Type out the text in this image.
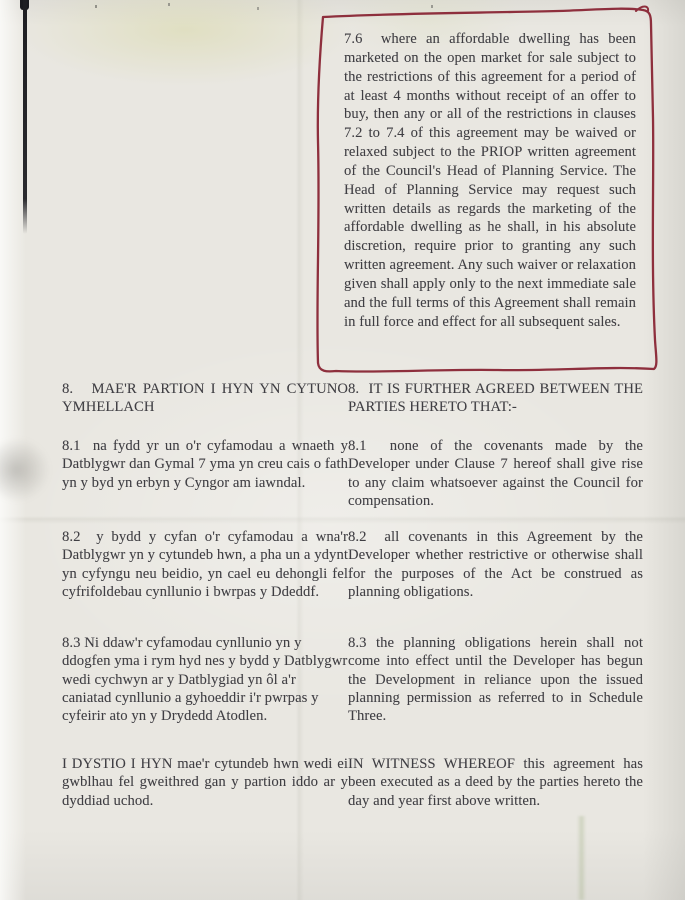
7.6  where an affordable dwelling has been marketed on the open market for sale subject to the restrictions of this agreement for a period of at least 4 months without receipt of an offer to buy, then any or all of the restrictions in clauses 7.2 to 7.4 of this agreement may be waived or relaxed subject to the PRIOP written agreement of the Council's Head of Planning Service. The Head of Planning Service may request such written details as regards the marketing of the affordable dwelling as he shall, in his absolute discretion, require prior to granting any such written agreement. Any such waiver or relaxation given shall apply only to the next immediate sale and the full terms of this Agreement shall remain in full force and effect for all subsequent sales.

8.   MAE'R PARTION I HYN YN CYTUNO YMHELLACH

8.  IT IS FURTHER AGREED BETWEEN THE PARTIES HERETO THAT:-

8.1  na fydd yr un o'r cyfamodau a wnaeth y Datblygwr dan Gymal 7 yma yn creu cais o fath yn y byd yn erbyn y Cyngor am iawndal.

8.1  none of the covenants made by the Developer under Clause 7 hereof shall give rise to any claim whatsoever against the Council for compensation.

8.2  y bydd y cyfan o'r cyfamodau a wna'r Datblygwr yn y cytundeb hwn, a pha un a ydynt yn cyfyngu neu beidio, yn cael eu dehongli fel cyfrifoldebau cynllunio i bwrpas y Ddeddf.

8.2  all covenants in this Agreement by the Developer whether restrictive or otherwise shall for the purposes of the Act be construed as planning obligations.

8.3 Ni ddaw'r cyfamodau cynllunio yn y ddogfen yma i rym hyd nes y bydd y Datblygwr wedi cychwyn ar y Datblygiad yn ôl a'r caniatad cynllunio a gyhoeddir i'r pwrpas y cyfeirir ato yn y Drydedd Atodlen.

8.3 the planning obligations herein shall not come into effect until the Developer has begun the Development in reliance upon the issued planning permission as referred to in Schedule Three.

I DYSTIO I HYN mae'r cytundeb hwn wedi ei gwblhau fel gweithred gan y partion iddo ar y dyddiad uchod.

IN WITNESS WHEREOF this agreement has been executed as a deed by the parties hereto the day and year first above written.
